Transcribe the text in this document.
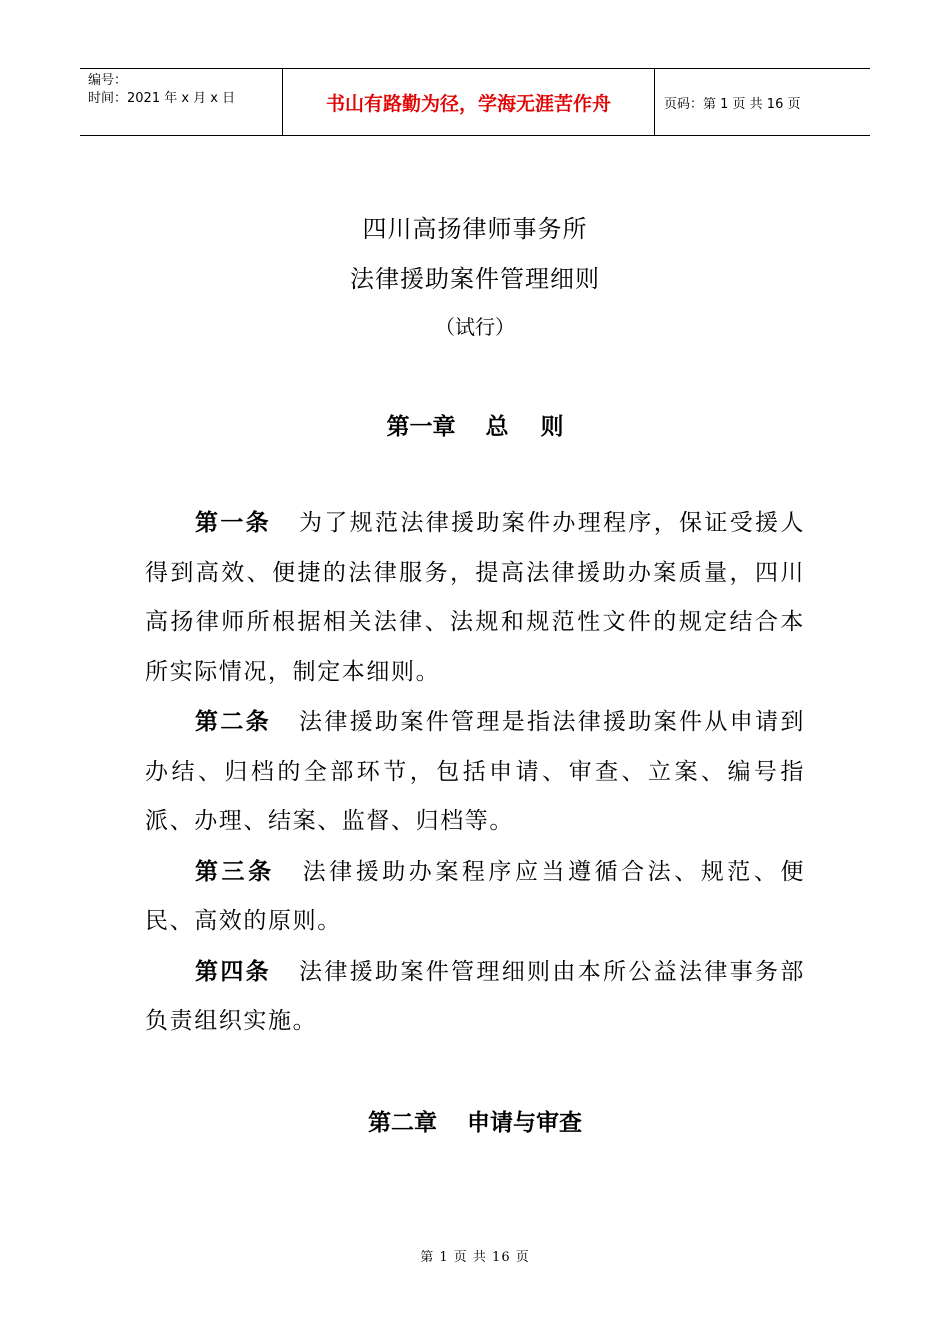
编号：
时间：2021 年 x 月 x 日	书山有路勤为径，学海无涯苦作舟	页码：第 1 页 共 16 页
四川高扬律师事务所
法律援助案件管理细则
（试行）
第一章 总    则

第一条 为了规范法律援助案件办理程序，保证受援人得到高效、便捷的法律服务，提高法律援助办案质量，四川高扬律师所根据相关法律、法规和规范性文件的规定结合本所实际情况，制定本细则。

第二条 法律援助案件管理是指法律援助案件从申请到办结、归档的全部环节，包括申请、审查、立案、编号指派、办理、结案、监督、归档等。

第三条 法律援助办案程序应当遵循合法、规范、便民、高效的原则。

第四条 法律援助案件管理细则由本所公益法律事务部负责组织实施。

第二章 申请与审查
第 1 页 共 16 页
